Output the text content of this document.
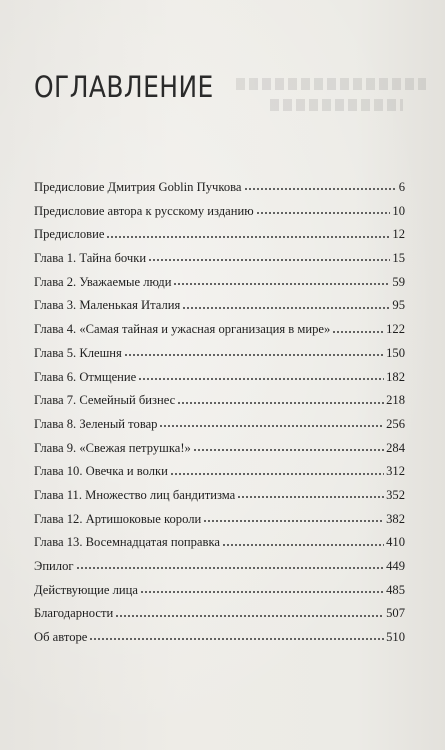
ОГЛАВЛЕНИЕ
Предисловие Дмитрия Goblin Пучкова	6
Предисловие автора к русскому изданию	10
Предисловие	12
Глава 1. Тайна бочки	15
Глава 2. Уважаемые люди	59
Глава 3. Маленькая Италия	95
Глава 4. «Самая тайная и ужасная организация в мире»	122
Глава 5. Клешня	150
Глава 6. Отмщение	182
Глава 7. Семейный бизнес	218
Глава 8. Зеленый товар	256
Глава 9. «Свежая петрушка!»	284
Глава 10. Овечка и волки	312
Глава 11. Множество лиц бандитизма	352
Глава 12. Артишоковые короли	382
Глава 13. Восемнадцатая поправка	410
Эпилог	449
Действующие лица	485
Благодарности	507
Об авторе	510
